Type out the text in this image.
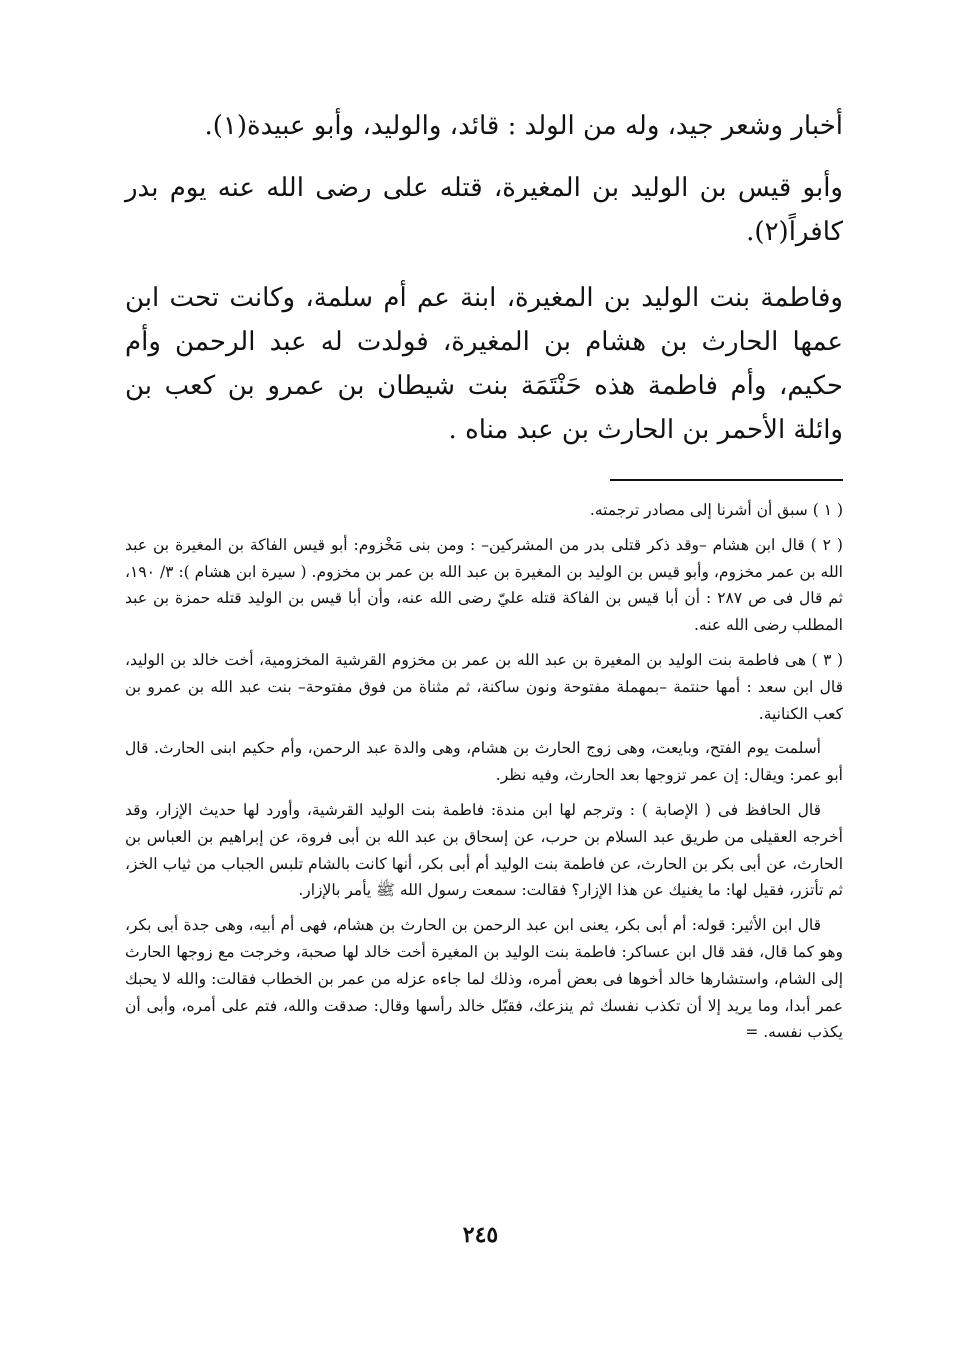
أخبار وشعر جيد، وله من الولد : قائد، والوليد، وأبو عبيدة(١).

وأبو قيس بن الوليد بن المغيرة، قتله على رضى الله عنه يوم بدر كافراً(٢).

وفاطمة بنت الوليد بن المغيرة، ابنة عم أم سلمة، وكانت تحت ابن عمها الحارث بن هشام بن المغيرة، فولدت له عبد الرحمن وأم حكيم، وأم فاطمة هذه حَنْتَمَة بنت شيطان بن عمرو بن كعب بن وائلة الأحمر بن الحارث بن عبد مناه .

( ١ ) سبق أن أشرنا إلى مصادر ترجمته.

( ٢ ) قال ابن هشام –وقد ذكر قتلى بدر من المشركين– : ومن بنى مَخْزوم: أبو قيس الفاكة بن المغيرة بن عبد الله بن عمر مخزوم، وأبو قيس بن الوليد بن المغيرة بن عبد الله بن عمر بن مخزوم. ( سيرة ابن هشام ): ٣/ ١٩٠، ثم قال فى ص ٢٨٧ : أن أبا قيس بن الفاكة قتله عليّ رضى الله عنه، وأن أبا قيس بن الوليد قتله حمزة بن عبد المطلب رضى الله عنه.

( ٣ ) هى فاطمة بنت الوليد بن المغيرة بن عبد الله بن عمر بن مخزوم القرشية المخزومية، أخت خالد بن الوليد، قال ابن سعد : أمها حنتمة –بمهملة مفتوحة ونون ساكنة، ثم مثناة من فوق مفتوحة– بنت عبد الله بن عمرو بن كعب الكنانية.

أسلمت يوم الفتح، وبايعت، وهى زوج الحارث بن هشام، وهى والدة عبد الرحمن، وأم حكيم ابنى الحارث. قال أبو عمر: ويقال: إن عمر تزوجها بعد الحارث، وفيه نظر.

قال الحافظ فى ( الإصابة ) : وترجم لها ابن مندة: فاطمة بنت الوليد القرشية، وأورد لها حديث الإزار، وقد أخرجه العقيلى من طريق عبد السلام بن حرب، عن إسحاق بن عبد الله بن أبى فروة، عن إبراهيم بن العباس بن الحارث، عن أبى بكر بن الحارث، عن فاطمة بنت الوليد أم أبى بكر، أنها كانت بالشام تلبس الجباب من ثياب الخز، ثم تأتزر، فقيل لها: ما يغنيك عن هذا الإزار؟ فقالت: سمعت رسول الله ﷺ يأمر بالإزار.

قال ابن الأثير: قوله: أم أبى بكر، يعنى ابن عبد الرحمن بن الحارث بن هشام، فهى أم أبيه، وهى جدة أبى بكر، وهو كما قال، فقد قال ابن عساكر: فاطمة بنت الوليد بن المغيرة أخت خالد لها صحبة، وخرجت مع زوجها الحارث إلى الشام، واستشارها خالد أخوها فى بعض أمره، وذلك لما جاءه عزله من عمر بن الخطاب فقالت: والله لا يحبك عمر أبدا، وما يريد إلا أن تكذب نفسك ثم ينزعك، فقبّل خالد رأسها وقال: صدقت والله، فتم على أمره، وأبى أن يكذب نفسه. =

٢٤٥
